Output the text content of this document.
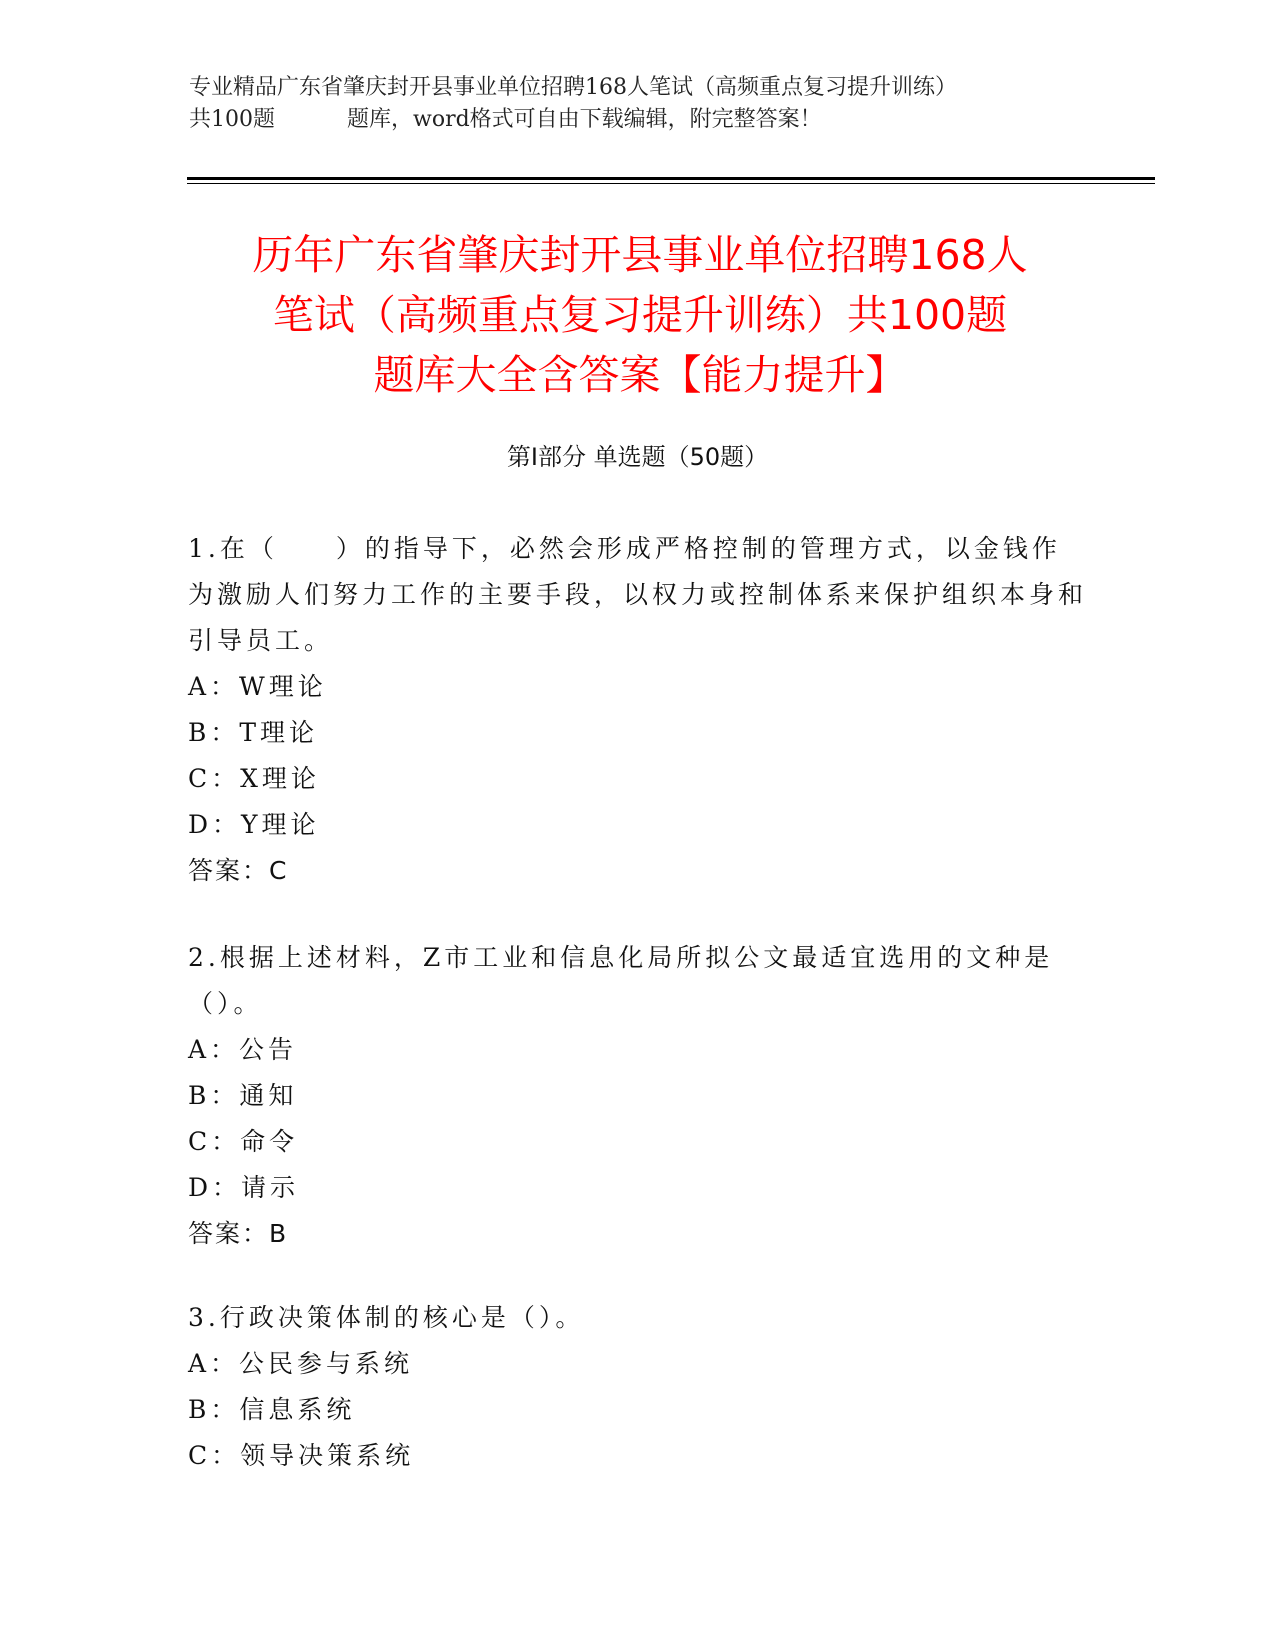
专业精品广东省肇庆封开县事业单位招聘168人笔试（高频重点复习提升训练）
共100题	题库，word格式可自由下载编辑，附完整答案！
历年广东省肇庆封开县事业单位招聘168人
笔试（高频重点复习提升训练）共100题
题库大全含答案【能力提升】
第Ⅰ部分 单选题（50题）
1.在（　　）的指导下，必然会形成严格控制的管理方式，以金钱作为激励人们努力工作的主要手段，以权力或控制体系来保护组织本身和引导员工。
A：W理论
B：T理论
C：X理论
D：Y理论
答案：C
2.根据上述材料，Z市工业和信息化局所拟公文最适宜选用的文种是（）。
A：公告
B：通知
C：命令
D：请示
答案：B
3.行政决策体制的核心是（）。
A：公民参与系统
B：信息系统
C：领导决策系统
